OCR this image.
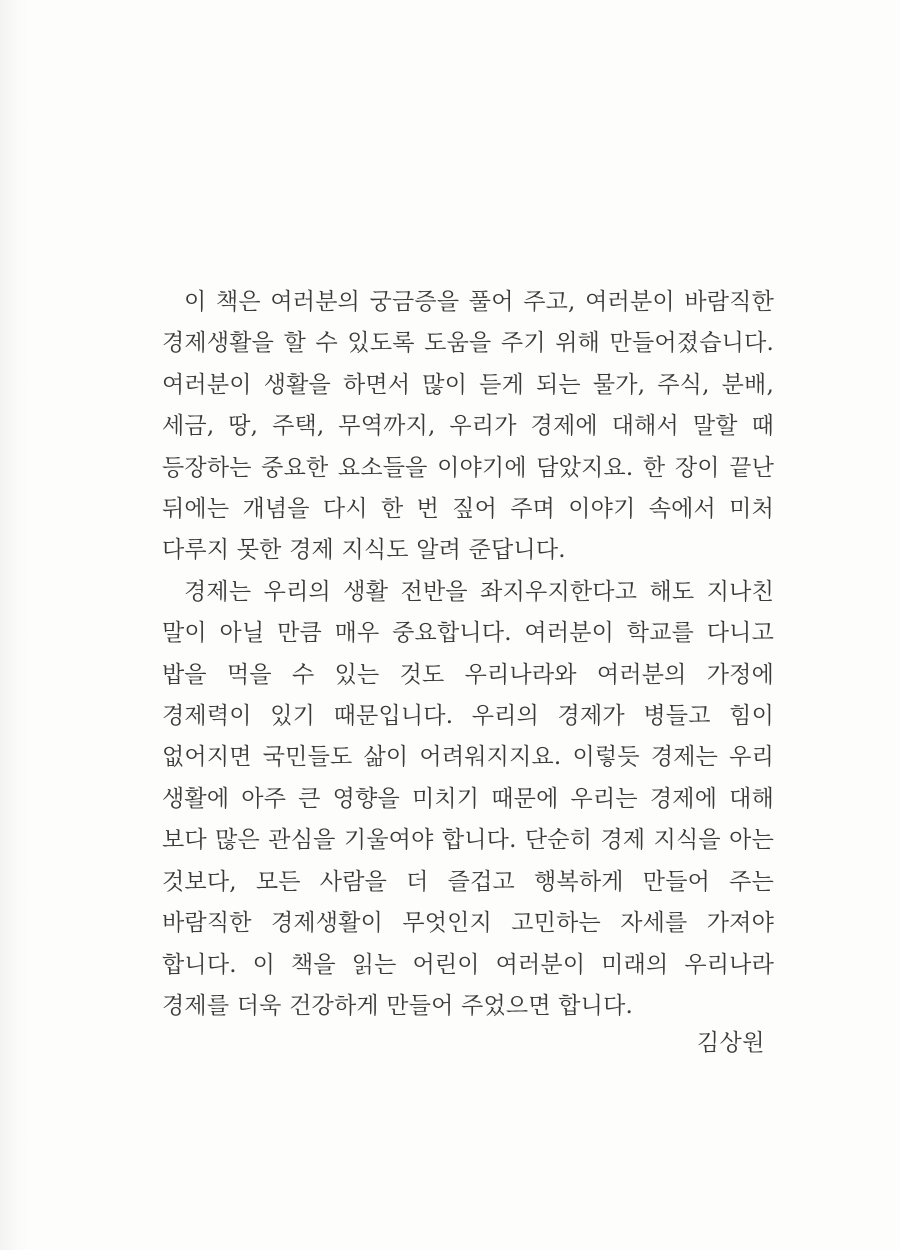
이 책은 여러분의 궁금증을 풀어 주고, 여러분이 바람직한 경제생활을 할 수 있도록 도움을 주기 위해 만들어졌습니다. 여러분이 생활을 하면서 많이 듣게 되는 물가, 주식, 분배, 세금, 땅, 주택, 무역까지, 우리가 경제에 대해서 말할 때 등장하는 중요한 요소들을 이야기에 담았지요. 한 장이 끝난 뒤에는 개념을 다시 한 번 짚어 주며 이야기 속에서 미처 다루지 못한 경제 지식도 알려 준답니다.

경제는 우리의 생활 전반을 좌지우지한다고 해도 지나친 말이 아닐 만큼 매우 중요합니다. 여러분이 학교를 다니고 밥을 먹을 수 있는 것도 우리나라와 여러분의 가정에 경제력이 있기 때문입니다. 우리의 경제가 병들고 힘이 없어지면 국민들도 삶이 어려워지지요. 이렇듯 경제는 우리 생활에 아주 큰 영향을 미치기 때문에 우리는 경제에 대해 보다 많은 관심을 기울여야 합니다. 단순히 경제 지식을 아는 것보다, 모든 사람을 더 즐겁고 행복하게 만들어 주는 바람직한 경제생활이 무엇인지 고민하는 자세를 가져야 합니다. 이 책을 읽는 어린이 여러분이 미래의 우리나라 경제를 더욱 건강하게 만들어 주었으면 합니다.

김상원
